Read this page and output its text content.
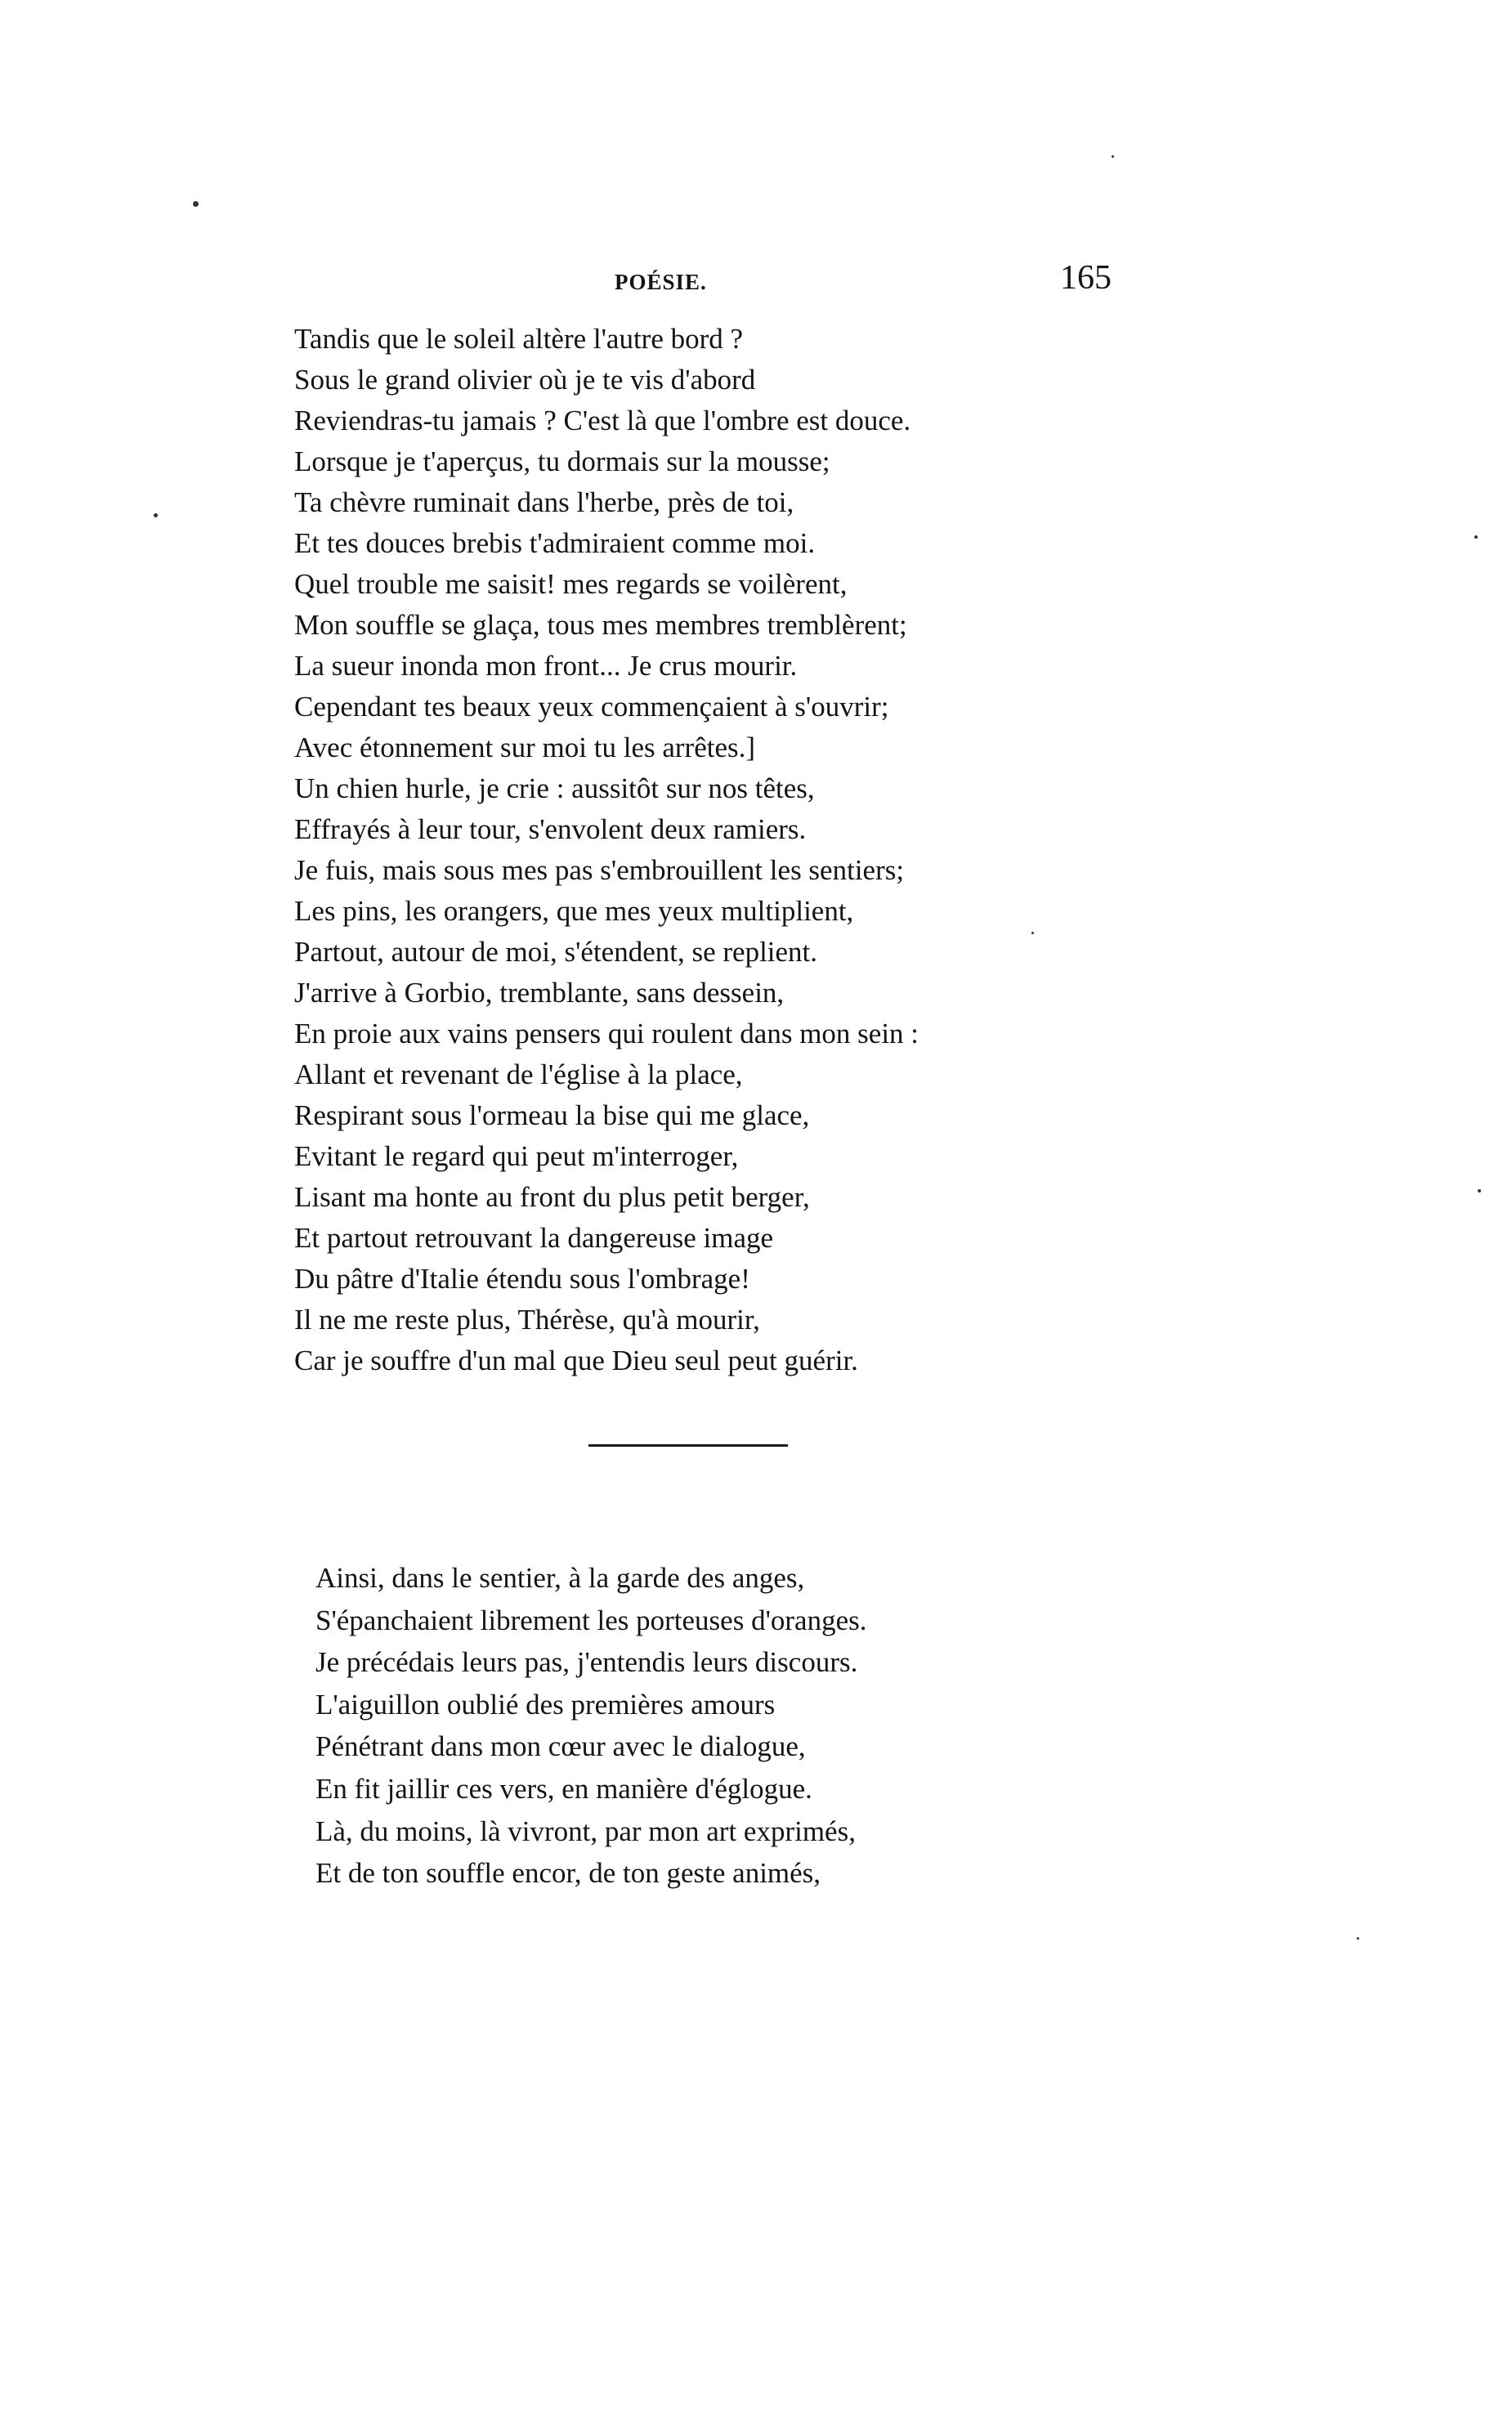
POÉSIE.	165
Tandis que le soleil altère l'autre bord ?
Sous le grand olivier où je te vis d'abord
Reviendras-tu jamais ? C'est là que l'ombre est douce.
Lorsque je t'aperçus, tu dormais sur la mousse;
Ta chèvre ruminait dans l'herbe, près de toi,
Et tes douces brebis t'admiraient comme moi.
Quel trouble me saisit! mes regards se voilèrent,
Mon souffle se glaça, tous mes membres tremblèrent;
La sueur inonda mon front... Je crus mourir.
Cependant tes beaux yeux commençaient à s'ouvrir;
Avec étonnement sur moi tu les arrêtes.]
Un chien hurle, je crie : aussitôt sur nos têtes,
Effrayés à leur tour, s'envolent deux ramiers.
Je fuis, mais sous mes pas s'embrouillent les sentiers;
Les pins, les orangers, que mes yeux multiplient,
Partout, autour de moi, s'étendent, se replient.
J'arrive à Gorbio, tremblante, sans dessein,
En proie aux vains pensers qui roulent dans mon sein :
Allant et revenant de l'église à la place,
Respirant sous l'ormeau la bise qui me glace,
Evitant le regard qui peut m'interroger,
Lisant ma honte au front du plus petit berger,
Et partout retrouvant la dangereuse image
Du pâtre d'Italie étendu sous l'ombrage!
Il ne me reste plus, Thérèse, qu'à mourir,
Car je souffre d'un mal que Dieu seul peut guérir.
Ainsi, dans le sentier, à la garde des anges,
S'épanchaient librement les porteuses d'oranges.
Je précédais leurs pas, j'entendis leurs discours.
L'aiguillon oublié des premières amours
Pénétrant dans mon cœur avec le dialogue,
En fit jaillir ces vers, en manière d'églogue.
Là, du moins, là vivront, par mon art exprimés,
Et de ton souffle encor, de ton geste animés,
